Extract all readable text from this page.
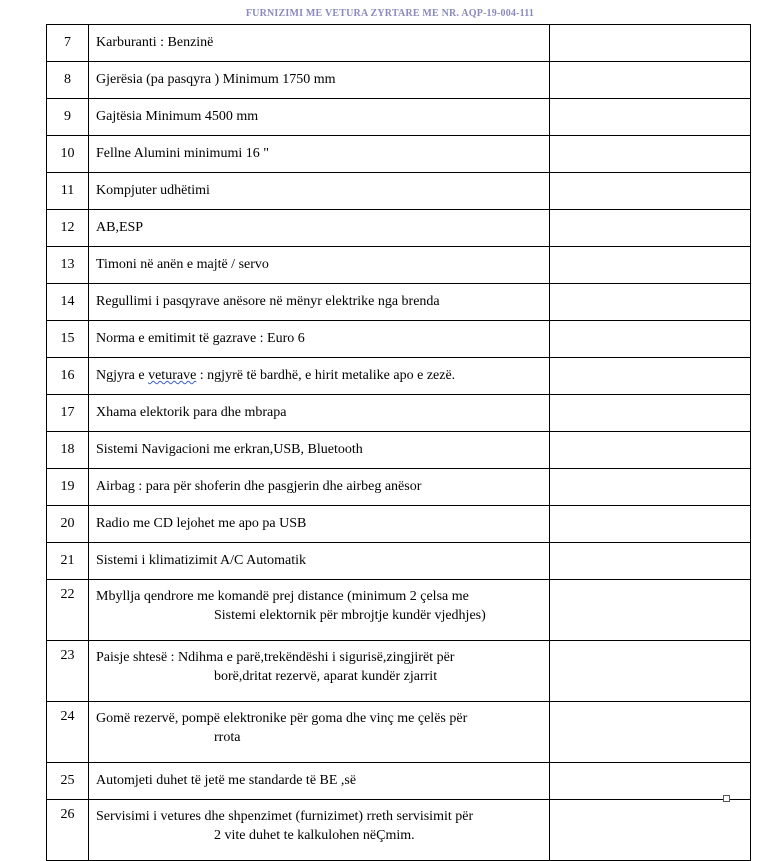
FURNIZIMI ME VETURA ZYRTARE ME NR. AQP-19-004-111
7	Karburanti : Benzinë	
8	Gjerësia (pa pasqyra ) Minimum 1750 mm	
9	Gajtësia Minimum 4500 mm	
10	Fellne Alumini minimumi 16 "	
11	Kompjuter udhëtimi	
12	AB,ESP	
13	Timoni në anën e majtë / servo	
14	Regullimi i pasqyrave anësore në mënyr elektrike nga brenda	
15	Norma e emitimit të gazrave : Euro 6	
16	Ngjyra e veturave : ngjyrë të bardhë, e hirit metalike apo e zezë.	
17	Xhama elektorik para dhe mbrapa	
18	Sistemi Navigacioni me erkran,USB, Bluetooth	
19	Airbag : para për shoferin dhe pasgjerin dhe airbeg anësor	
20	Radio me CD lejohet me apo pa USB	
21	Sistemi i klimatizimit A/C Automatik	
22	Mbyllja qendrore me komandë prej distance (minimum 2 çelsa me
Sistemi elektornik për mbrojtje kundër vjedhjes)	

23	Paisje shtesë : Ndihma e parë,trekëndëshi i sigurisë,zingjirët për
borë,dritat rezervë, aparat kundër zjarrit	

24	Gomë rezervë, pompë elektronike për goma dhe vinç me çelës për
rrota	

25	Automjeti duhet të jetë me standarde të BE ,së	
26	Servisimi i vetures dhe shpenzimet (furnizimet) rreth servisimit për
2 vite duhet te kalkulohen nëÇmim.	
